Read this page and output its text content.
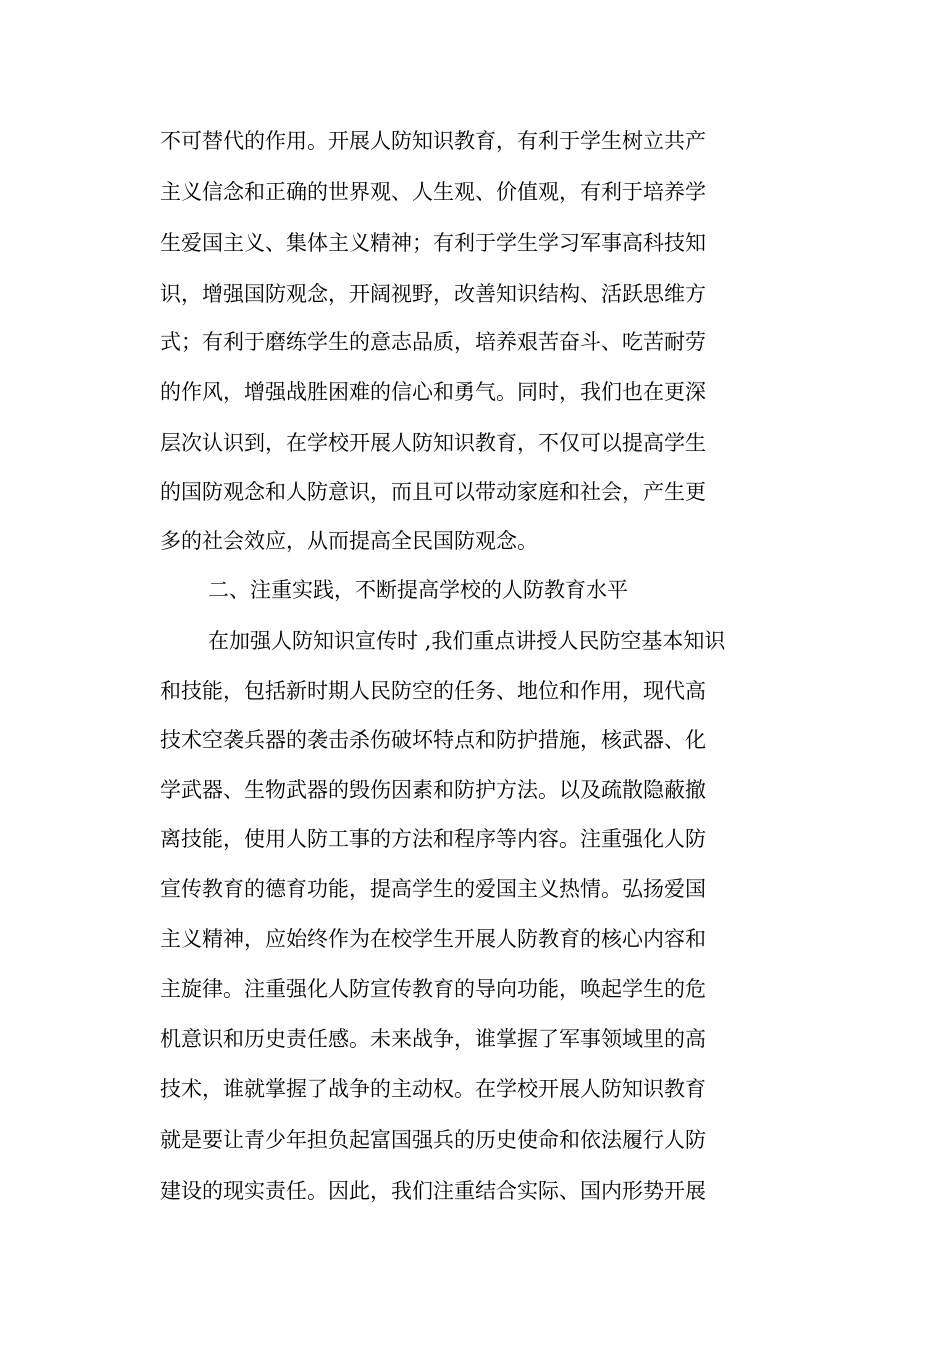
不可替代的作用。开展人防知识教育，有利于学生树立共产
主义信念和正确的世界观、人生观、价值观，有利于培养学
生爱国主义、集体主义精神；有利于学生学习军事高科技知
识，增强国防观念，开阔视野，改善知识结构、活跃思维方
式；有利于磨练学生的意志品质，培养艰苦奋斗、吃苦耐劳
的作风，增强战胜困难的信心和勇气。同时，我们也在更深
层次认识到，在学校开展人防知识教育，不仅可以提高学生
的国防观念和人防意识，而且可以带动家庭和社会，产生更
多的社会效应，从而提高全民国防观念。
二、注重实践，不断提高学校的人防教育水平
在加强人防知识宣传时 ,我们重点讲授人民防空基本知识
和技能，包括新时期人民防空的任务、地位和作用，现代高
技术空袭兵器的袭击杀伤破坏特点和防护措施，核武器、化
学武器、生物武器的毁伤因素和防护方法。以及疏散隐蔽撤
离技能，使用人防工事的方法和程序等内容。注重强化人防
宣传教育的德育功能，提高学生的爱国主义热情。弘扬爱国
主义精神，应始终作为在校学生开展人防教育的核心内容和
主旋律。注重强化人防宣传教育的导向功能，唤起学生的危
机意识和历史责任感。未来战争，谁掌握了军事领域里的高
技术，谁就掌握了战争的主动权。在学校开展人防知识教育
就是要让青少年担负起富国强兵的历史使命和依法履行人防
建设的现实责任。因此，我们注重结合实际、国内形势开展
